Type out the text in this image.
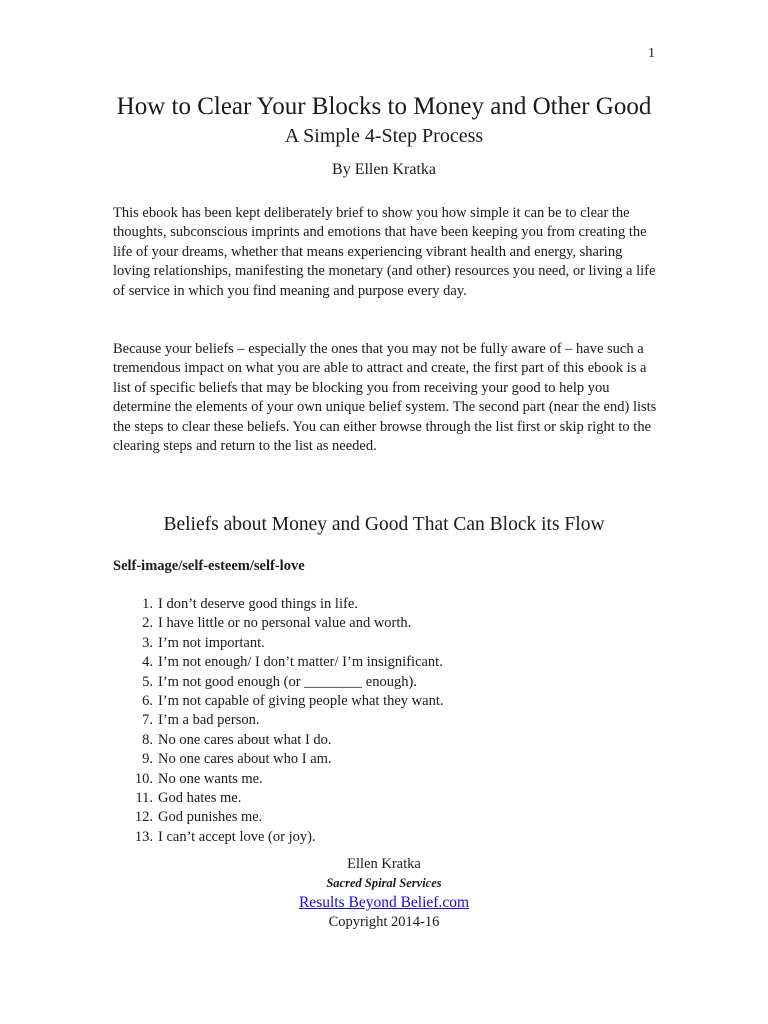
1
How to Clear Your Blocks to Money and Other Good
A Simple 4-Step Process
By Ellen Kratka

This ebook has been kept deliberately brief to show you how simple it can be to clear the thoughts, subconscious imprints and emotions that have been keeping you from creating the life of your dreams, whether that means experiencing vibrant health and energy, sharing loving relationships, manifesting the monetary (and other) resources you need, or living a life of service in which you find meaning and purpose every day.

Because your beliefs – especially the ones that you may not be fully aware of – have such a tremendous impact on what you are able to attract and create, the first part of this ebook is a list of specific beliefs that may be blocking you from receiving your good to help you determine the elements of your own unique belief system. The second part (near the end) lists the steps to clear these beliefs. You can either browse through the list first or skip right to the clearing steps and return to the list as needed.

Beliefs about Money and Good That Can Block its Flow
Self-image/self-esteem/self-love
1. I don’t deserve good things in life.
2. I have little or no personal value and worth.
3. I’m not important.
4. I’m not enough/ I don’t matter/ I’m insignificant.
5. I’m not good enough (or ________ enough).
6. I’m not capable of giving people what they want.
7. I’m a bad person.
8. No one cares about what I do.
9. No one cares about who I am.
10. No one wants me.
11. God hates me.
12. God punishes me.
13. I can’t accept love (or joy).
Ellen Kratka
Sacred Spiral Services
Results Beyond Belief.com
Copyright 2014-16
